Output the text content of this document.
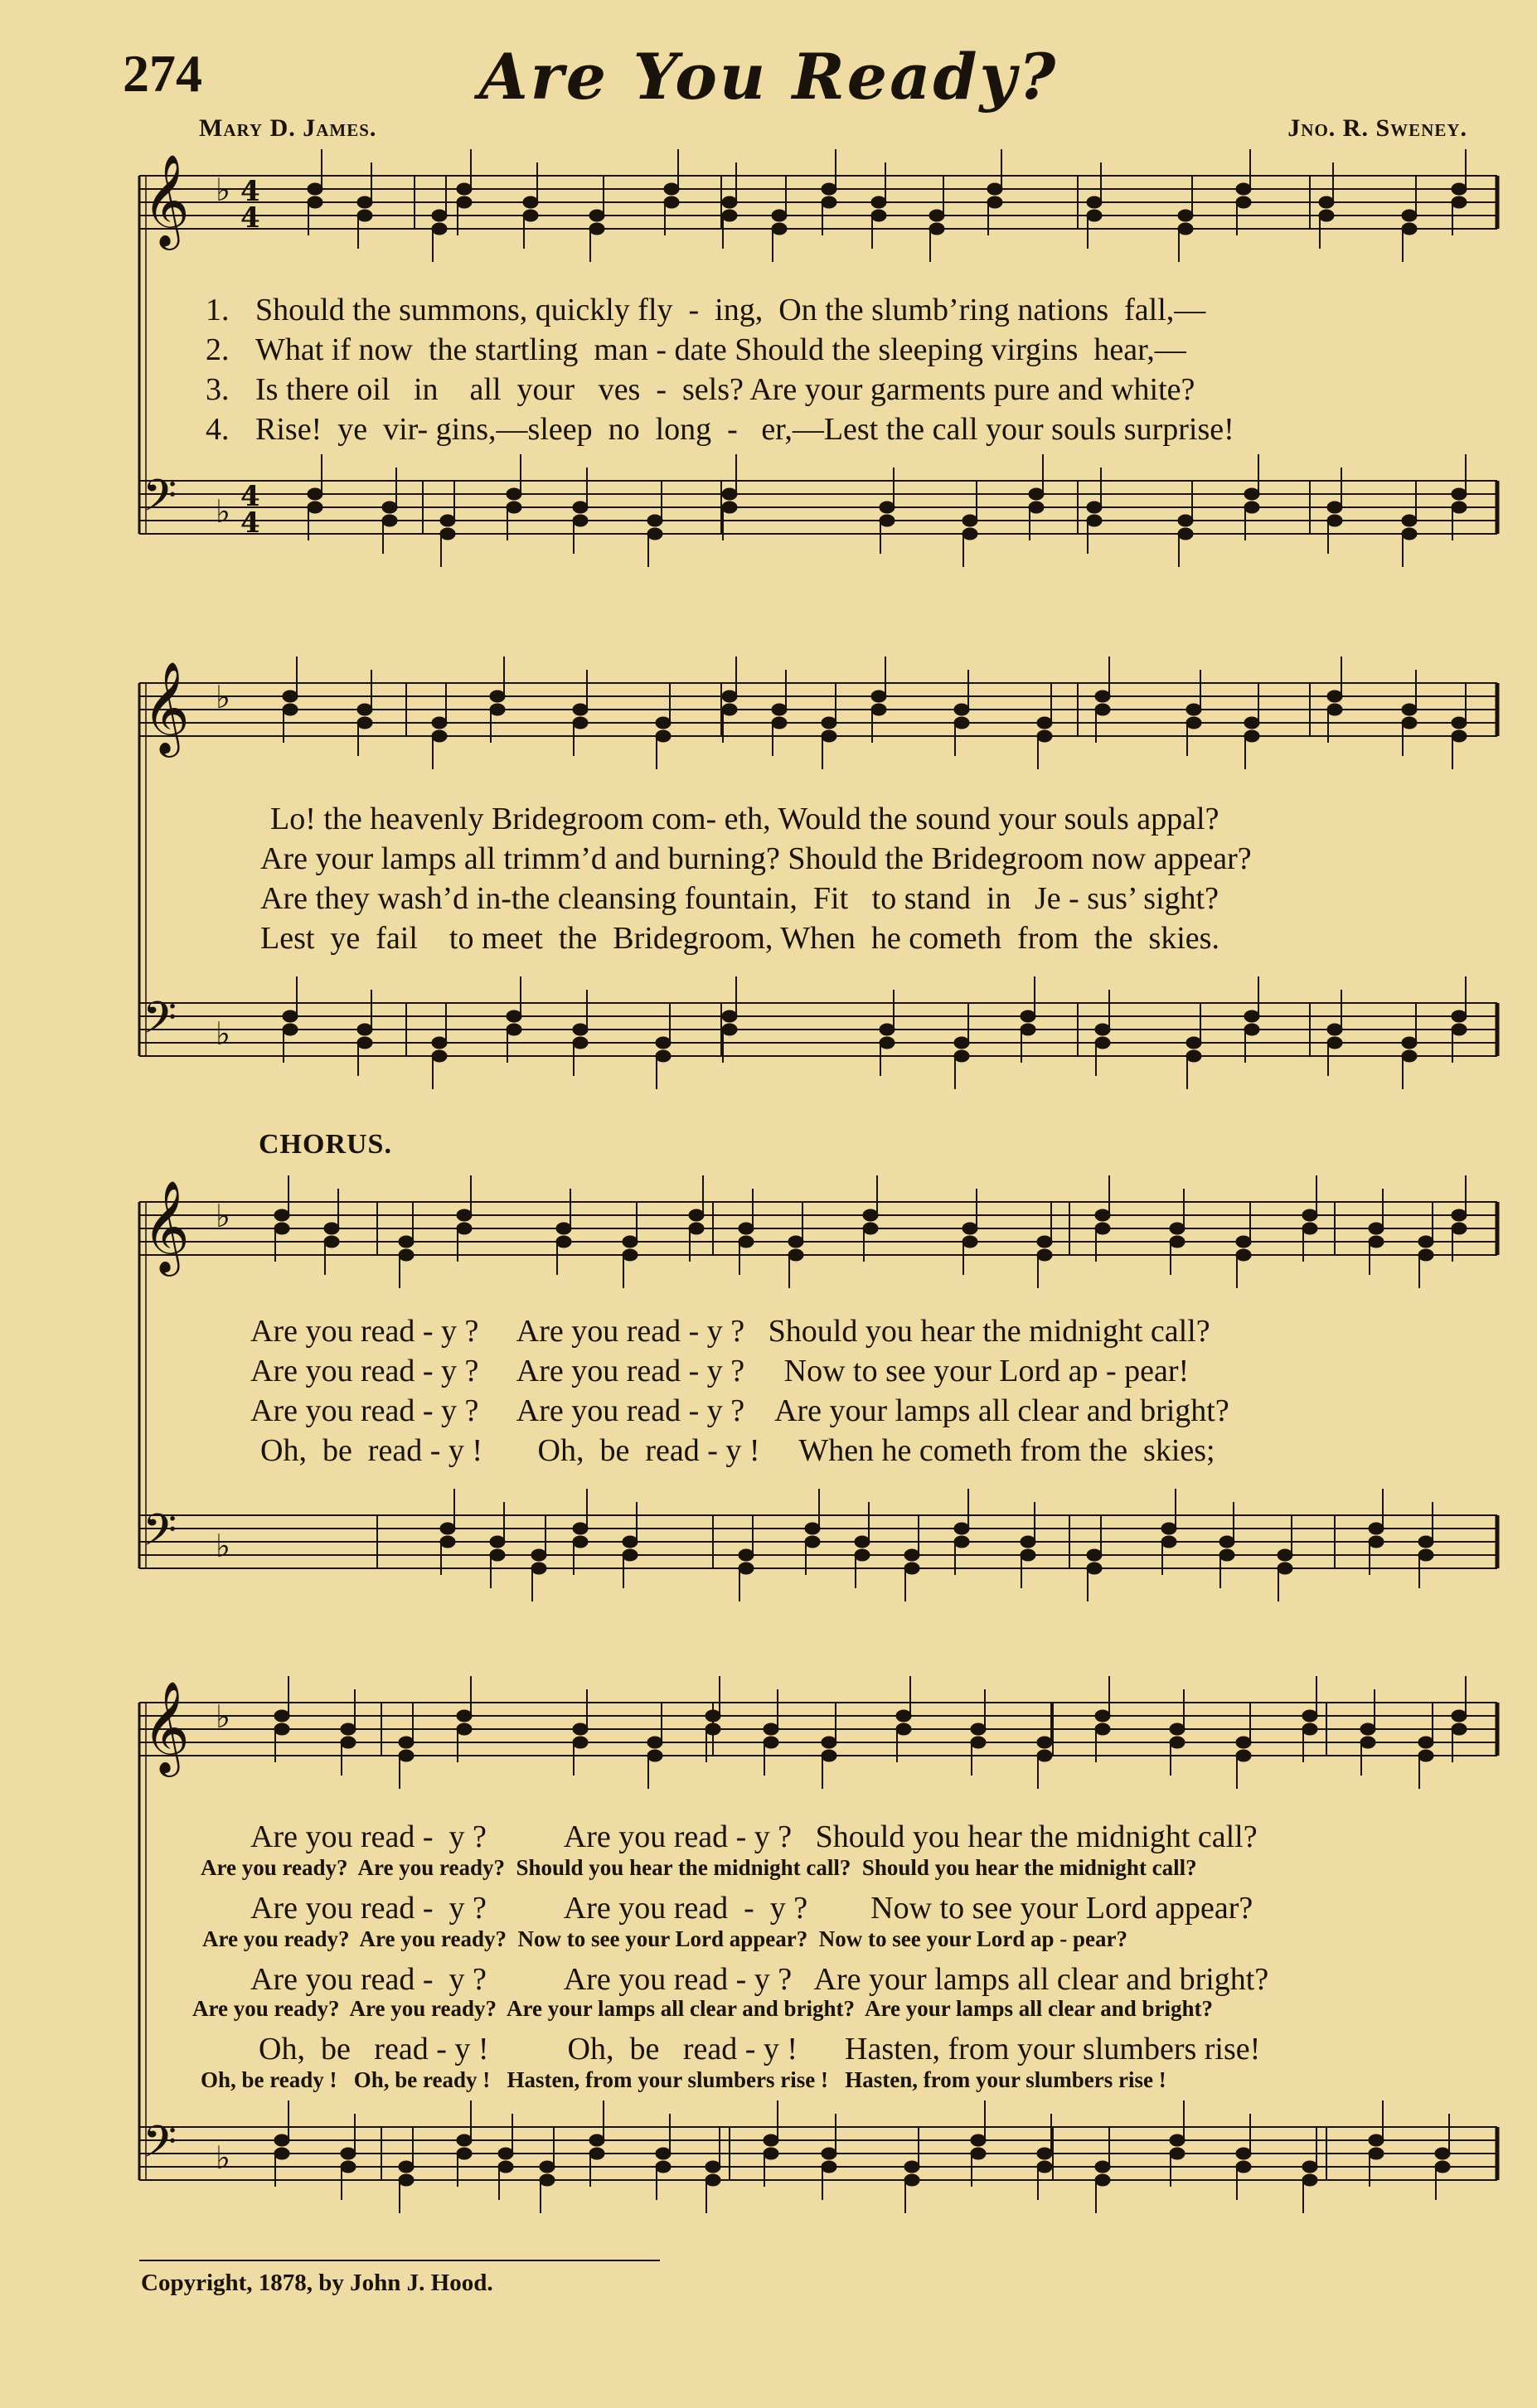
𝄞 ♭ 4
4
𝄢 ♭ 4
4
𝄞 ♭
𝄢 ♭
𝄞 ♭
𝄢 ♭
𝄞 ♭
𝄢 ♭
274	Are You Ready?
Mary D. James.	Jno. R. Sweney.
1. Should the summons, quickly fly  -  ing,  On the slumb’ring nations  fall,—
2. What if now  the startling  man - date Should the sleeping virgins  hear,—
3. Is there oil   in    all  your   ves  -  sels? Are your garments pure and white?
4. Rise!  ye  vir- gins,—sleep  no  long  -   er,—Lest the call your souls surprise!
Lo! the heavenly Bridegroom com- eth, Would the sound your souls appal?
Are your lamps all trimm’d and burning? Should the Bridegroom now appear?
Are they wash’d in-the cleansing fountain,  Fit   to stand  in   Je - sus’ sight?
Lest  ye  fail    to meet  the  Bridegroom, When  he cometh  from  the  skies.
CHORUS.
Are you read - y ?     Are you read - y ?   Should you hear the midnight call?
Are you read - y ?     Are you read - y ?     Now to see your Lord ap - pear!
Are you read - y ?     Are you read - y ?    Are your lamps all clear and bright?
Oh,  be  read - y !       Oh,  be  read - y !     When he cometh from the  skies;
Are you read -  y ?          Are you read - y ?   Should you hear the midnight call?
Are you ready?  Are you ready?  Should you hear the midnight call?  Should you hear the midnight call?
Are you read -  y ?          Are you read  -  y ?        Now to see your Lord appear?
Are you ready?  Are you ready?  Now to see your Lord appear?  Now to see your Lord ap - pear?
Are you read -  y ?          Are you read - y ?   Are your lamps all clear and bright?
Are you ready?  Are you ready?  Are your lamps all clear and bright?  Are your lamps all clear and bright?
Oh,  be   read - y !          Oh,  be   read - y !      Hasten, from your slumbers rise!
Oh, be ready !   Oh, be ready !   Hasten, from your slumbers rise !   Hasten, from your slumbers rise !
Copyright, 1878, by John J. Hood.
